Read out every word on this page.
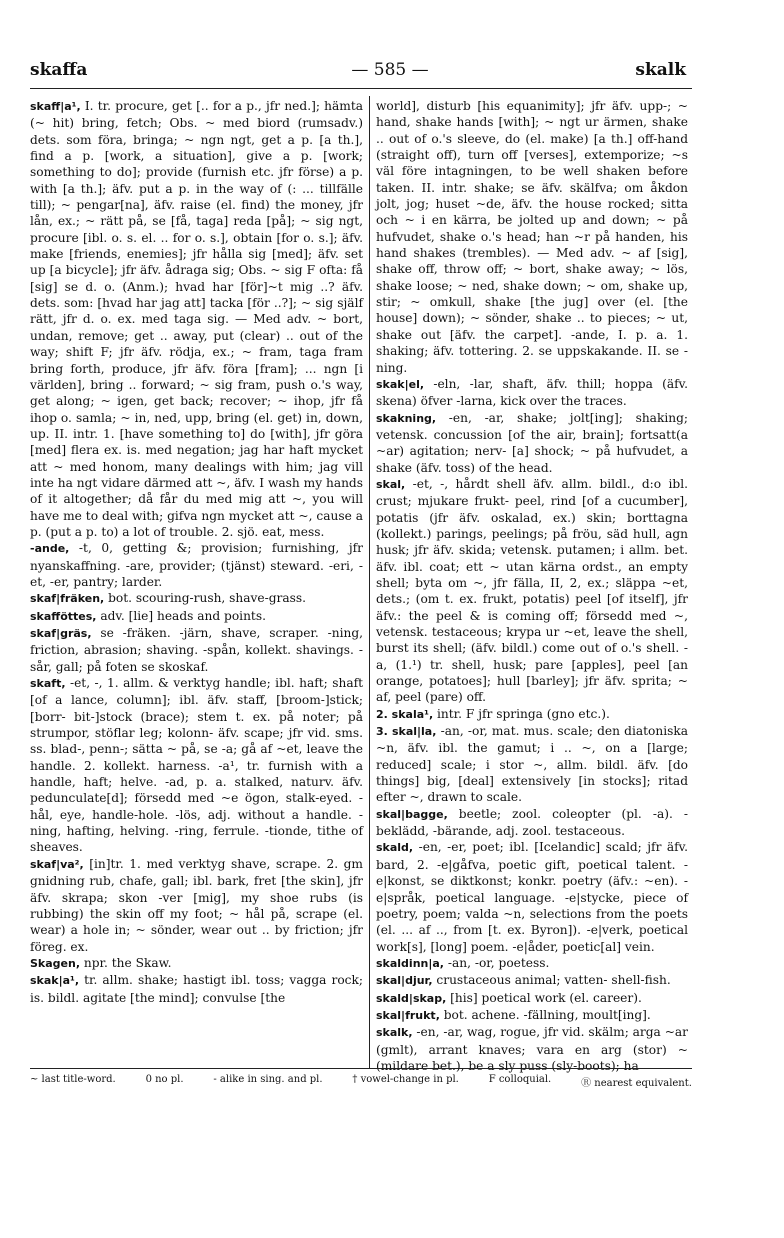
skaffa	— 585 —	skalk

skaff|a¹, I. tr. procure, get [.. for a p., jfr ned.]; hämta (~ hit) bring, fetch; Obs. ~ med biord (rumsadv.) dets. som föra, bringa; ~ ngn ngt, get a p. [a th.], find a p. [work, a situation], give a p. [work; something to do]; provide (furnish etc. jfr förse) a p. with [a th.]; äfv. put a p. in the way of (: ... tillfälle till); ~ pengar[na], äfv. raise (el. find) the money, jfr lån, ex.; ~ rätt på, se [få, taga] reda [på]; ~ sig ngt, procure [ibl. o. s. el. .. for o. s.], obtain [for o. s.]; äfv. make [friends, enemies]; jfr hålla sig [med]; äfv. set up [a bicycle]; jfr äfv. ådraga sig; Obs. ~ sig F ofta: få [sig] se d. o. (Anm.); hvad har [för]~t mig ..? äfv. dets. som: [hvad har jag att] tacka [för ..?]; ~ sig själf rätt, jfr d. o. ex. med taga sig. — Med adv. ~ bort, undan, remove; get .. away, put (clear) .. out of the way; shift F; jfr äfv. rödja, ex.; ~ fram, taga fram bring forth, produce, jfr äfv. föra [fram]; ... ngn [i världen], bring .. forward; ~ sig fram, push o.'s way, get along; ~ igen, get back; recover; ~ ihop, jfr få ihop o. samla; ~ in, ned, upp, bring (el. get) in, down, up. II. intr. 1. [have something to] do [with], jfr göra [med] flera ex. is. med negation; jag har haft mycket att ~ med honom, many dealings with him; jag vill inte ha ngt vidare därmed att ~, äfv. I wash my hands of it altogether; då får du med mig att ~, you will have me to deal with; gifva ngn mycket att ~, cause a p. (put a p. to) a lot of trouble. 2. sjö. eat, mess.

-ande, -t, 0, getting &; provision; furnishing, jfr nyanskaffning. -are, provider; (tjänst) steward. -eri, -et, -er, pantry; larder.

skaf|fräken, bot. scouring-rush, shave-grass.

skafföttes, adv. [lie] heads and points.

skaf|gräs, se -fräken. -järn, shave, scraper. -ning, friction, abrasion; shaving. -spån, kollekt. shavings. -sår, gall; på foten se skoskaf.

skaft, -et, -, 1. allm. & verktyg handle; ibl. haft; shaft [of a lance, column]; ibl. äfv. staff, [broom-]stick; [borr- bit-]stock (brace); stem t. ex. på noter; på strumpor, stöflar leg; kolonn- äfv. scape; jfr vid. sms. ss. blad-, penn-; sätta ~ på, se -a; gå af ~et, leave the handle. 2. kollekt. harness. -a¹, tr. furnish with a handle, haft; helve. -ad, p. a. stalked, naturv. äfv. pedunculate[d]; försedd med ~e ögon, stalk-eyed. -hål, eye, handle-hole. -lös, adj. without a handle. -ning, hafting, helving. -ring, ferrule. -tionde, tithe of sheaves.

skaf|va², [in]tr. 1. med verktyg shave, scrape. 2. gm gnidning rub, chafe, gall; ibl. bark, fret [the skin], jfr äfv. skrapa; skon -ver [mig], my shoe rubs (is rubbing) the skin off my foot; ~ hål på, scrape (el. wear) a hole in; ~ sönder, wear out .. by friction; jfr föreg. ex.

Skagen, npr. the Skaw.

skak|a¹, tr. allm. shake; hastigt ibl. toss; vagga rock; is. bildl. agitate [the mind]; convulse [the

world], disturb [his equanimity]; jfr äfv. upp-; ~ hand, shake hands [with]; ~ ngt ur ärmen, shake .. out of o.'s sleeve, do (el. make) [a th.] off-hand (straight off), turn off [verses], extemporize; ~s väl före intagningen, to be well shaken before taken. II. intr. shake; se äfv. skälfva; om åkdon jolt, jog; huset ~de, äfv. the house rocked; sitta och ~ i en kärra, be jolted up and down; ~ på hufvudet, shake o.'s head; han ~r på handen, his hand shakes (trembles). — Med adv. ~ af [sig], shake off, throw off; ~ bort, shake away; ~ lös, shake loose; ~ ned, shake down; ~ om, shake up, stir; ~ omkull, shake [the jug] over (el. [the house] down); ~ sönder, shake .. to pieces; ~ ut, shake out [äfv. the carpet]. -ande, I. p. a. 1. shaking; äfv. tottering. 2. se uppskakande. II. se -ning.

skak|el, -eln, -lar, shaft, äfv. thill; hoppa (äfv. skena) öfver -larna, kick over the traces.

skakning, -en, -ar, shake; jolt[ing]; shaking; vetensk. concussion [of the air, brain]; fortsatt(a ~ar) agitation; nerv- [a] shock; ~ på hufvudet, a shake (äfv. toss) of the head.

skal, -et, -, hårdt shell äfv. allm. bildl., d:o ibl. crust; mjukare frukt- peel, rind [of a cucumber], potatis (jfr äfv. oskalad, ex.) skin; borttagna (kollekt.) parings, peelings; på fröu, säd hull, agn husk; jfr äfv. skida; vetensk. putamen; i allm. bet. äfv. ibl. coat; ett ~ utan kärna ordst., an empty shell; byta om ~, jfr fälla, II, 2, ex.; släppa ~et, dets.; (om t. ex. frukt, potatis) peel [of itself], jfr äfv.: the peel & is coming off; försedd med ~, vetensk. testaceous; krypa ur ~et, leave the shell, burst its shell; (äfv. bildl.) come out of o.'s shell. -a, (1.¹) tr. shell, husk; pare [apples], peel [an orange, potatoes]; hull [barley]; jfr äfv. sprita; ~ af, peel (pare) off.

2. skala¹, intr. F jfr springa (gno etc.).

3. skal|la, -an, -or, mat. mus. scale; den diatoniska ~n, äfv. ibl. the gamut; i .. ~, on a [large; reduced] scale; i stor ~, allm. bildl. äfv. [do things] big, [deal] extensively [in stocks]; ritad efter ~, drawn to scale.

skal|bagge, beetle; zool. coleopter (pl. -a). -beklädd, -bärande, adj. zool. testaceous.

skald, -en, -er, poet; ibl. [Icelandic] scald; jfr äfv. bard, 2. -e|gåfva, poetic gift, poetical talent. -e|konst, se diktkonst; konkr. poetry (äfv.: ~en). -e|språk, poetical language. -e|stycke, piece of poetry, poem; valda ~n, selections from the poets (el. ... af .., from [t. ex. Byron]). -e|verk, poetical work[s], [long] poem. -e|åder, poetic[al] vein.

skaldinn|a, -an, -or, poetess.

skal|djur, crustaceous animal; vatten- shell-fish.

skald|skap, [his] poetical work (el. career).

skal|frukt, bot. achene. -fällning, moult[ing].

skalk, -en, -ar, wag, rogue, jfr vid. skälm; arga ~ar (gmlt), arrant knaves; vara en arg (stor) ~ (mildare bet.), be a sly puss (sly-boots); ha

~ last title-word.	0 no pl.	- alike in sing. and pl.	† vowel-change in pl.	F colloquial.	Ⓡ nearest equivalent.
